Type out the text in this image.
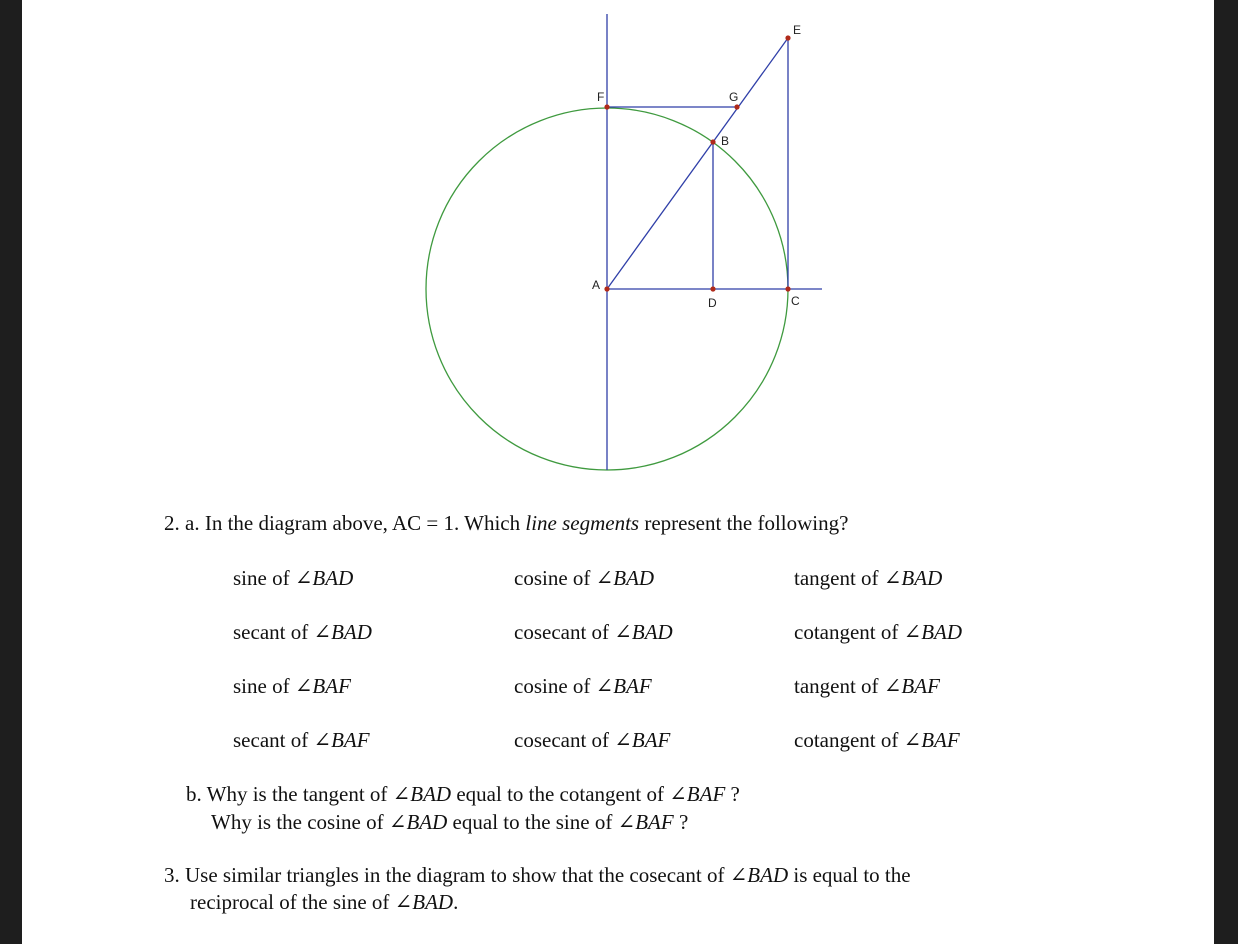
A
B
C
D
E
F	G
2. a. In the diagram above, AC = 1. Which line segments represent the following?
sine of ∠BAD	cosine of ∠BAD	tangent of ∠BAD
secant of ∠BAD	cosecant of ∠BAD	cotangent of ∠BAD
sine of ∠BAF	cosine of ∠BAF	tangent of ∠BAF
secant of ∠BAF	cosecant of ∠BAF	cotangent of ∠BAF
b. Why is the tangent of ∠BAD equal to the cotangent of ∠BAF ?
Why is the cosine of ∠BAD equal to the sine of ∠BAF ?
3. Use similar triangles in the diagram to show that the cosecant of ∠BAD is equal to the
reciprocal of the sine of ∠BAD.
